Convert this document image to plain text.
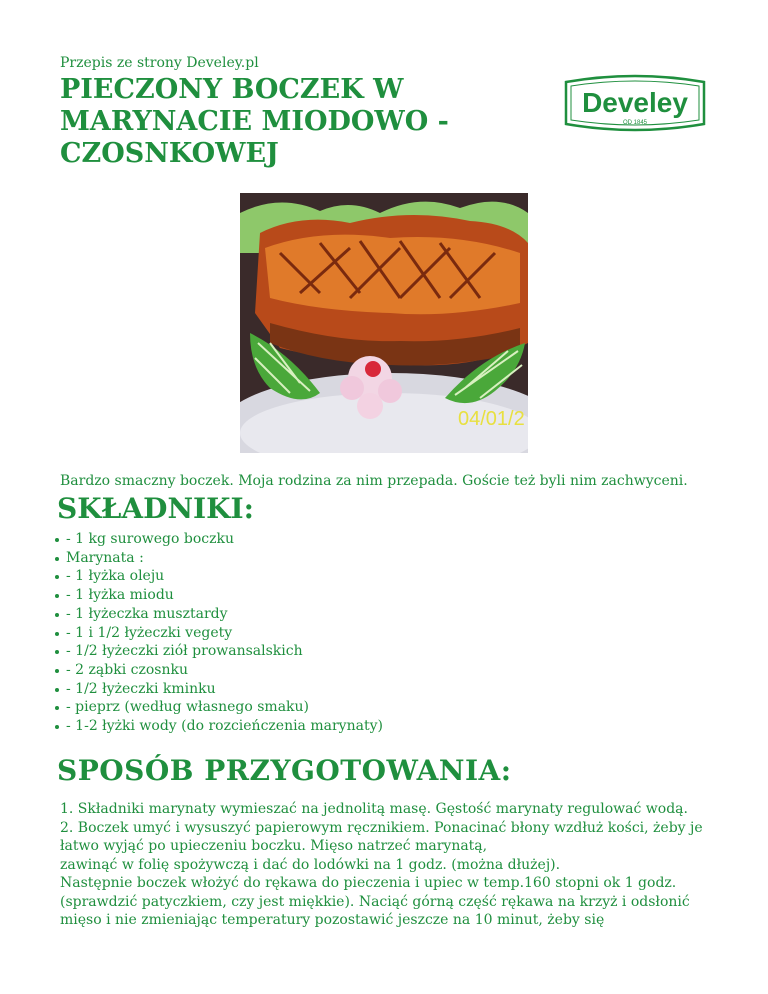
Przepis ze strony Develey.pl
PIECZONY BOCZEK W MARYNACIE MIODOWO - CZOSNKOWEJ
Develey
OD 1845
04/01/2
Bardzo smaczny boczek. Moja rodzina za nim przepada. Goście też byli nim zachwyceni.
SKŁADNIKI:
- 1 kg surowego boczku
Marynata :
- 1 łyżka oleju
- 1 łyżka miodu
- 1 łyżeczka musztardy
- 1 i 1/2 łyżeczki vegety
- 1/2 łyżeczki ziół prowansalskich
- 2 ząbki czosnku
- 1/2 łyżeczki kminku
- pieprz (według własnego smaku)
- 1-2 łyżki wody (do rozcieńczenia marynaty)
SPOSÓB PRZYGOTOWANIA:

1. Składniki marynaty wymieszać na jednolitą masę. Gęstość marynaty regulować wodą.

2. Boczek umyć i wysuszyć papierowym ręcznikiem. Ponacinać błony wzdłuż kości, żeby je łatwo wyjąć po upieczeniu boczku. Mięso natrzeć marynatą,

zawinąć w folię spożywczą i dać do lodówki na 1 godz. (można dłużej).

Następnie boczek włożyć do rękawa do pieczenia i upiec w temp.160 stopni ok 1 godz.(sprawdzić patyczkiem, czy jest miękkie). Naciąć górną część rękawa na krzyż i odsłonić mięso i nie zmieniając temperatury pozostawić jeszcze na 10 minut, żeby się
